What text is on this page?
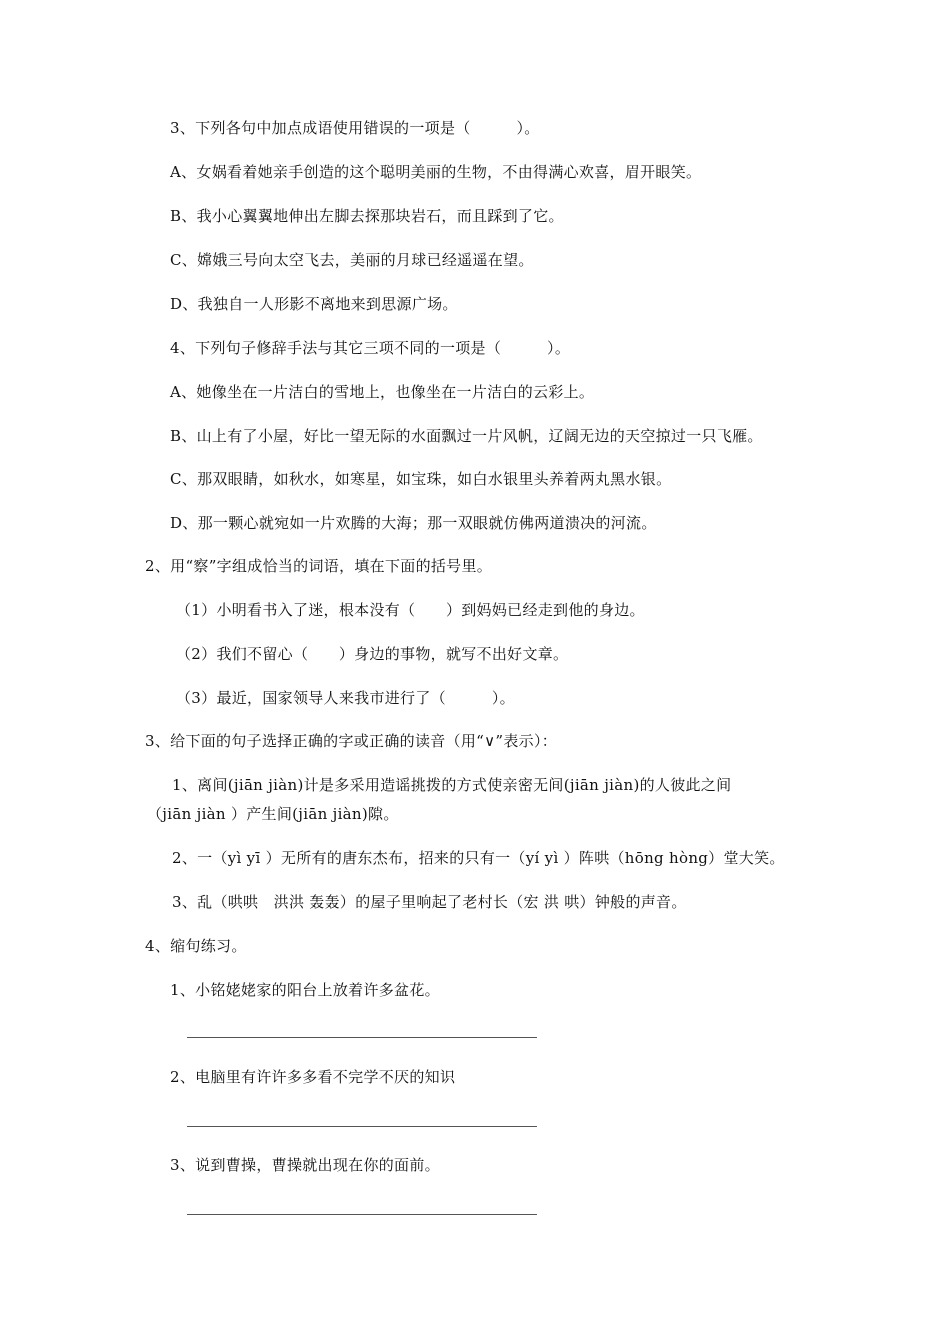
3、下列各句中加点成语使用错误的一项是（　　　）。
A、女娲看着她亲手创造的这个聪明美丽的生物，不由得满心欢喜，眉开眼笑。
B、我小心翼翼地伸出左脚去探那块岩石，而且踩到了它。
C、嫦娥三号向太空飞去，美丽的月球已经遥遥在望。
D、我独自一人形影不离地来到思源广场。
4、下列句子修辞手法与其它三项不同的一项是（　　　）。
A、她像坐在一片洁白的雪地上，也像坐在一片洁白的云彩上。
B、山上有了小屋，好比一望无际的水面飘过一片风帆，辽阔无边的天空掠过一只飞雁。
C、那双眼睛，如秋水，如寒星，如宝珠，如白水银里头养着两丸黑水银。
D、那一颗心就宛如一片欢腾的大海；那一双眼就仿佛两道溃决的河流。
2、用“察”字组成恰当的词语，填在下面的括号里。
（1）小明看书入了迷，根本没有（　　）到妈妈已经走到他的身边。
（2）我们不留心（　　）身边的事物，就写不出好文章。
（3）最近，国家领导人来我市进行了（　　　）。
3、给下面的句子选择正确的字或正确的读音（用“∨”表示）：
1、离间(jiān jiàn)计是多采用造谣挑拨的方式使亲密无间(jiān jiàn)的人彼此之间
（jiān jiàn ）产生间(jiān jiàn)隙。
2、一（yì yī ）无所有的唐东杰布，招来的只有一（yí yì ）阵哄（hōng hòng）堂大笑。
3、乱（哄哄　洪洪 轰轰）的屋子里响起了老村长（宏 洪 哄）钟般的声音。
4、缩句练习。
1、小铭姥姥家的阳台上放着许多盆花。
2、电脑里有许许多多看不完学不厌的知识
3、说到曹操，曹操就出现在你的面前。
